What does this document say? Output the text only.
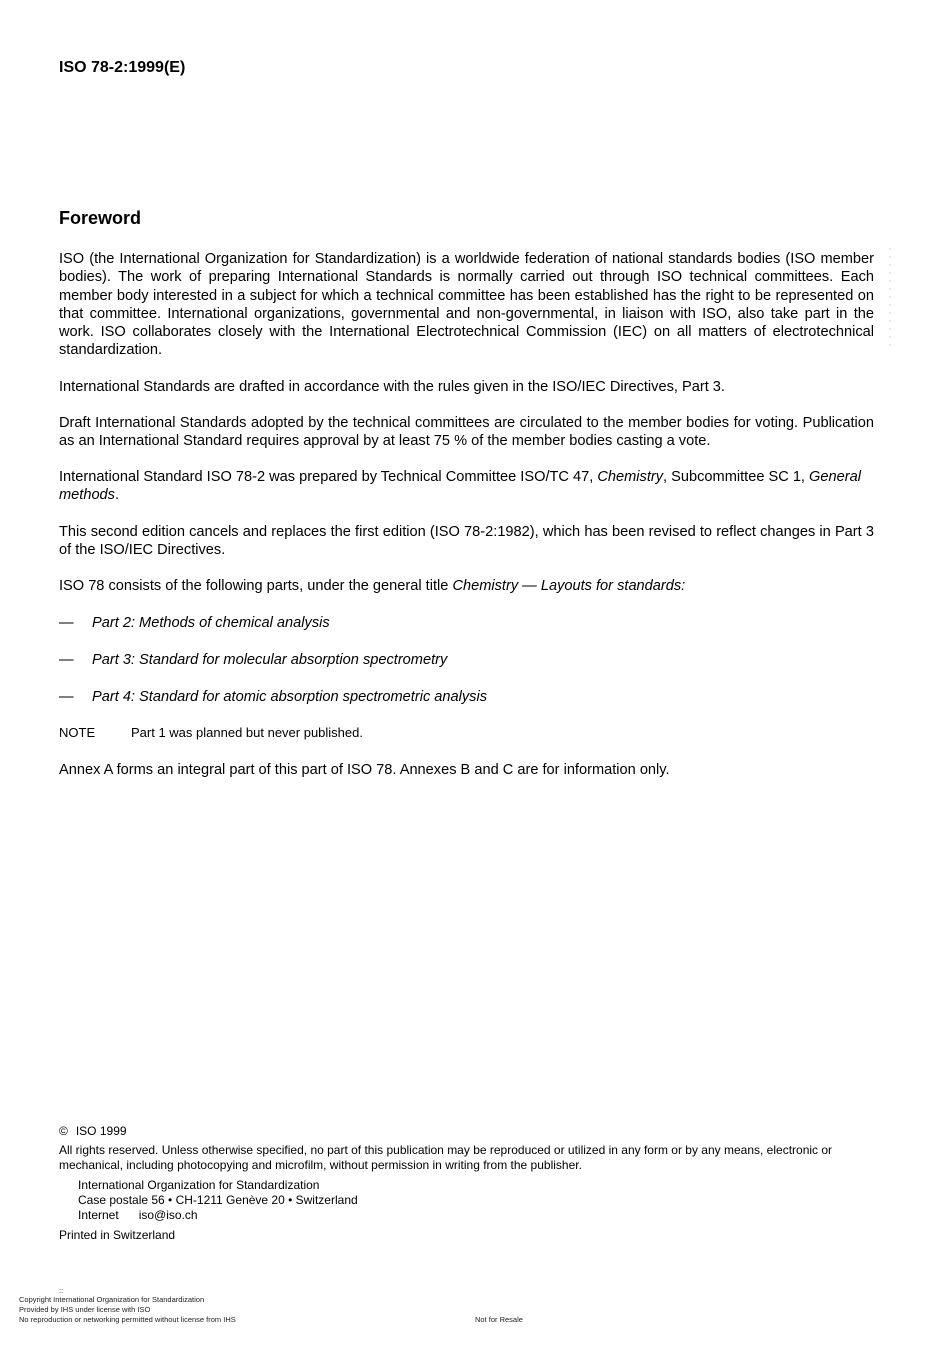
ISO 78-2:1999(E)
Foreword

ISO (the International Organization for Standardization) is a worldwide federation of national standards bodies (ISO member bodies). The work of preparing International Standards is normally carried out through ISO technical committees. Each member body interested in a subject for which a technical committee has been established has the right to be represented on that committee. International organizations, governmental and non-governmental, in liaison with ISO, also take part in the work. ISO collaborates closely with the International Electrotechnical Commission (IEC) on all matters of electrotechnical standardization.

International Standards are drafted in accordance with the rules given in the ISO/IEC Directives, Part 3.

Draft International Standards adopted by the technical committees are circulated to the member bodies for voting. Publication as an International Standard requires approval by at least 75 % of the member bodies casting a vote.

International Standard ISO 78-2 was prepared by Technical Committee ISO/TC 47, Chemistry, Subcommittee SC 1, General methods.

This second edition cancels and replaces the first edition (ISO 78-2:1982), which has been revised to reflect changes in Part 3 of the ISO/IEC Directives.

ISO 78 consists of the following parts, under the general title Chemistry — Layouts for standards:

— Part 2: Methods of chemical analysis
— Part 3: Standard for molecular absorption spectrometry
— Part 4: Standard for atomic absorption spectrometric analysis
NOTE	Part 1 was planned but never published.

Annex A forms an integral part of this part of ISO 78. Annexes B and C are for information only.

© ISO 1999
All rights reserved. Unless otherwise specified, no part of this publication may be reproduced or utilized in any form or by any means, electronic or mechanical, including photocopying and microfilm, without permission in writing from the publisher.
International Organization for Standardization
Case postale 56 • CH-1211 Genève 20 • Switzerland
Internet iso@iso.ch
Printed in Switzerland
::
Copyright International Organization for Standardization
Provided by IHS under license with ISO
No reproduction or networking permitted without license from IHS	Not for Resale
